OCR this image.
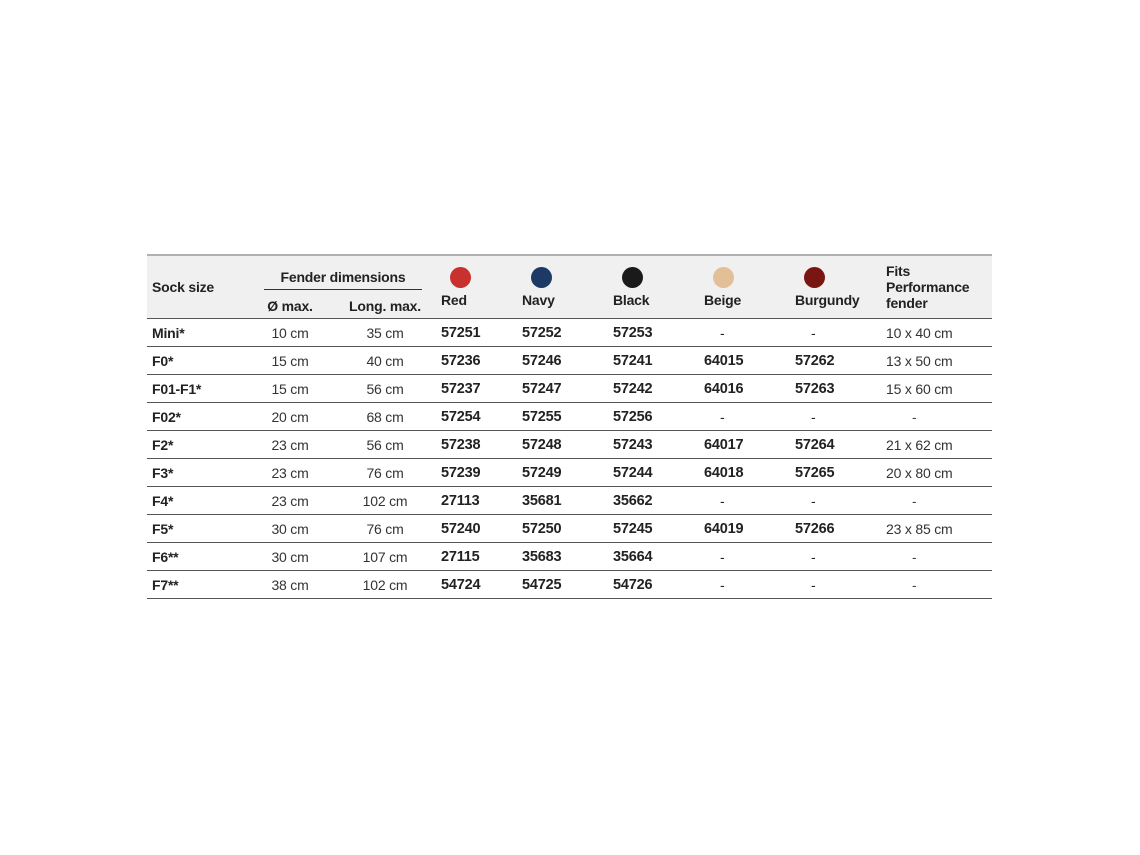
Sock size	Fender dimensions		Red	Navy	Black	Beige	Burgundy	Fits Performance
fender
	Ø max.	Long. max.						
Mini*	10 cm	35 cm	57251	57252	57253	-	-	10 x 40 cm
F0*	15 cm	40 cm	57236	57246	57241	64015	57262	13 x 50 cm
F01-F1*	15 cm	56 cm	57237	57247	57242	64016	57263	15 x 60 cm
F02*	20 cm	68 cm	57254	57255	57256	-	-	-
F2*	23 cm	56 cm	57238	57248	57243	64017	57264	21 x 62 cm
F3*	23 cm	76 cm	57239	57249	57244	64018	57265	20 x 80 cm
F4*	23 cm	102 cm	27113	35681	35662	-	-	-
F5*	30 cm	76 cm	57240	57250	57245	64019	57266	23 x 85 cm
F6**	30 cm	107 cm	27115	35683	35664	-	-	-
F7**	38 cm	102 cm	54724	54725	54726	-	-	-
